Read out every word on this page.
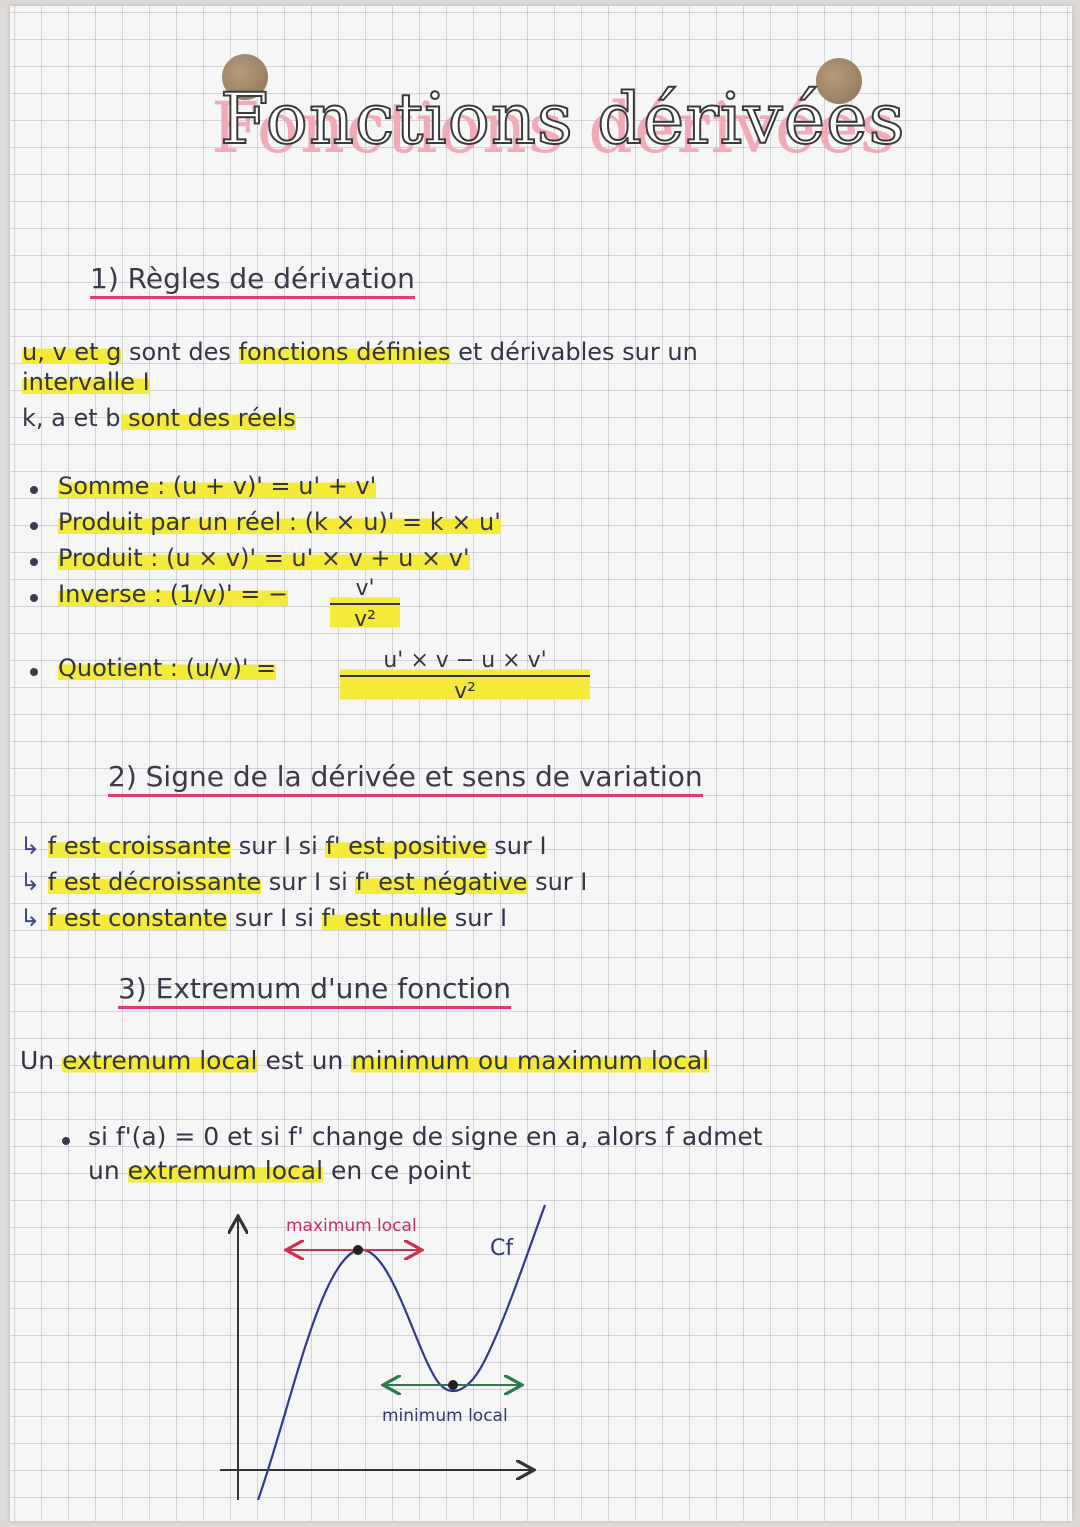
Fonctions dérivées
1) Règles de dérivation
u, v et g sont des fonctions définies et dérivables sur un
intervalle I
k, a et b sont des réels
Somme : (u + v)' = u' + v'
Produit par un réel : (k × u)' = k × u'
Produit : (u × v)' = u' × v + u × v'
Inverse : (1/v)' = −	v'
v²
Quotient : (u/v)' =	u' × v − u × v'
v²
2) Signe de la dérivée et sens de variation
↳ f est croissante sur I si f' est positive sur I
↳ f est décroissante sur I si f' est négative sur I
↳ f est constante sur I si f' est nulle sur I
3) Extremum d'une fonction
Un extremum local est un minimum ou maximum local
si f'(a) = 0 et si f' change de signe en a, alors f admet
un extremum local en ce point
maximum local
minimum local
Cf
